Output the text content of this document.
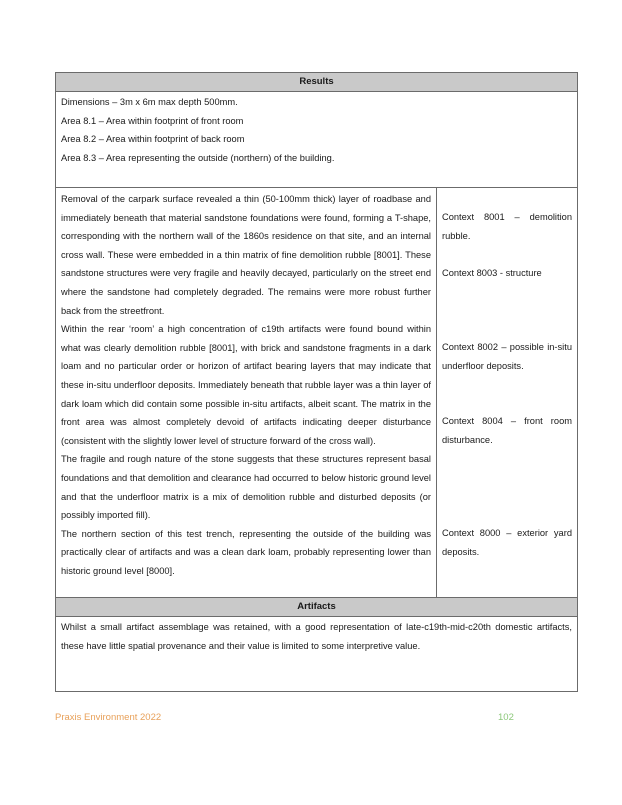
Results

Dimensions – 3m x 6m max depth 500mm.

Area 8.1 – Area within footprint of front room

Area 8.2 – Area within footprint of back room

Area 8.3 – Area representing the outside (northern) of the building.

Removal of the carpark surface revealed a thin (50-100mm thick) layer of roadbase and immediately beneath that material sandstone foundations were found, forming a T-shape, corresponding with the northern wall of the 1860s residence on that site, and an internal cross wall. These were embedded in a thin matrix of fine demolition rubble [8001]. These sandstone structures were very fragile and heavily decayed, particularly on the street end where the sandstone had completely degraded. The remains were more robust further back from the streetfront.

Within the rear ‘room’ a high concentration of c19th artifacts were found bound within what was clearly demolition rubble [8001], with brick and sandstone fragments in a dark loam and no particular order or horizon of artifact bearing layers that may indicate that these in-situ underfloor deposits. Immediately beneath that rubble layer was a thin layer of dark loam which did contain some possible in-situ artifacts, albeit scant. The matrix in the front area was almost completely devoid of artifacts indicating deeper disturbance (consistent with the slightly lower level of structure forward of the cross wall).

The fragile and rough nature of the stone suggests that these structures represent basal foundations and that demolition and clearance had occurred to below historic ground level and that the underfloor matrix is a mix of demolition rubble and disturbed deposits (or possibly imported fill).

The northern section of this test trench, representing the outside of the building was practically clear of artifacts and was a clean dark loam, probably representing lower than historic ground level [8000].

Context 8001 – demolition rubble.

Context 8003 - structure

Context 8002 – possible in-situ underfloor deposits.

Context 8004 – front room disturbance.

Context 8000 – exterior yard deposits.

Artifacts

Whilst a small artifact assemblage was retained, with a good representation of late-c19th-mid-c20th domestic artifacts, these have little spatial provenance and their value is limited to some interpretive value.

Praxis Environment 2022	102
